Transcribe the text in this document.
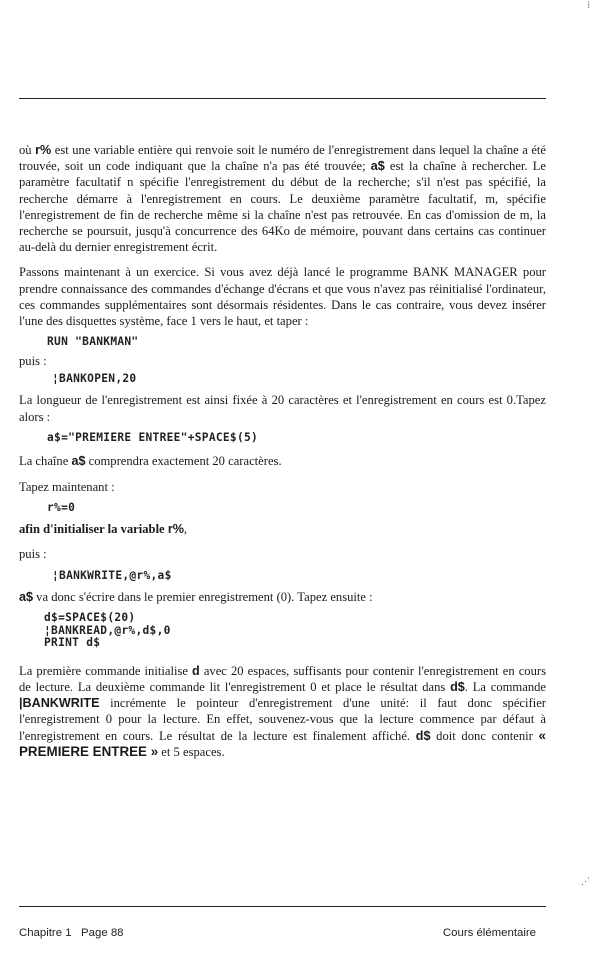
⁞
⋰

où r% est une variable entière qui renvoie soit le numéro de l'enregistrement dans lequel la chaîne a été trouvée, soit un code indiquant que la chaîne n'a pas été trouvée; a$ est la chaîne à rechercher. Le paramètre facultatif n spécifie l'enregistrement du début de la recherche; s'il n'est pas spécifié, la recherche démarre à l'enregistrement en cours. Le deuxième paramètre facultatif, m, spécifie l'enregistrement de fin de recherche même si la chaîne n'est pas retrouvée. En cas d'omission de m, la recherche se poursuit, jusqu'à concurrence des 64Ko de mémoire, pouvant dans certains cas continuer au-delà du dernier enregistrement écrit.

Passons maintenant à un exercice. Si vous avez déjà lancé le programme BANK MANAGER pour prendre connaissance des commandes d'échange d'écrans et que vous n'avez pas réinitialisé l'ordinateur, ces commandes supplémentaires sont désormais résidentes. Dans le cas contraire, vous devez insérer l'une des disquettes système, face 1 vers le haut, et taper :

RUN "BANKMAN"

puis :

¦BANKOPEN,20

La longueur de l'enregistrement est ainsi fixée à 20 caractères et l'enregistrement en cours est 0.Tapez alors :

a$="PREMIERE ENTREE"+SPACE$(5)

La chaîne a$ comprendra exactement 20 caractères.

Tapez maintenant :

r%=0

afin d'initialiser la variable r%,

puis :

¦BANKWRITE,@r%,a$

a$ va donc s'écrire dans le premier enregistrement (0). Tapez ensuite :

d$=SPACE$(20)
¦BANKREAD,@r%,d$,0
PRINT d$

La première commande initialise d avec 20 espaces, suffisants pour contenir l'enregistrement en cours de lecture. La deuxième commande lit l'enregistrement 0 et place le résultat dans d$. La commande |BANKWRITE incrémente le pointeur d'enregistrement d'une unité: il faut donc spécifier l'enregistrement 0 pour la lecture. En effet, souvenez-vous que la lecture commence par défaut à l'enregistrement en cours. Le résultat de la lecture est finalement affiché. d$ doit donc contenir « PREMIERE ENTREE » et 5 espaces.

Chapitre 1   Page 88	Cours élémentaire
